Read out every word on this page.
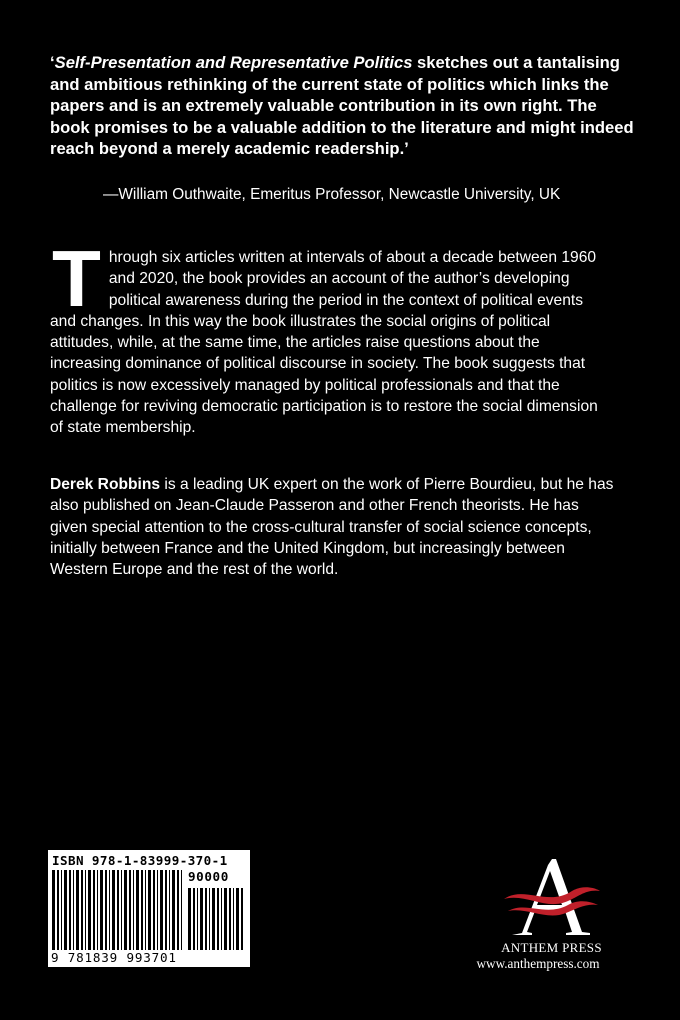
‘Self-Presentation and Representative Politics sketches out a tantalising and ambitious rethinking of the current state of politics which links the papers and is an extremely valuable contribution in its own right. The book promises to be a valuable addition to the literature and might indeed reach beyond a merely academic readership.’
—William Outhwaite, Emeritus Professor, Newcastle University, UK
Through six articles written at intervals of about a decade between 1960 and 2020, the book provides an account of the author’s developing political awareness during the period in the context of political events and changes. In this way the book illustrates the social origins of political attitudes, while, at the same time, the articles raise questions about the increasing dominance of political discourse in society. The book suggests that politics is now excessively managed by political professionals and that the challenge for reviving democratic participation is to restore the social dimension of state membership.
Derek Robbins is a leading UK expert on the work of Pierre Bourdieu, but he has also published on Jean-Claude Passeron and other French theorists. He has given special attention to the cross-cultural transfer of social science concepts, initially between France and the United Kingdom, but increasingly between Western Europe and the rest of the world.
ISBN 978-1-83999-370-1
90000
9 781839 993701
ANTHEM PRESS
www.anthempress.com
